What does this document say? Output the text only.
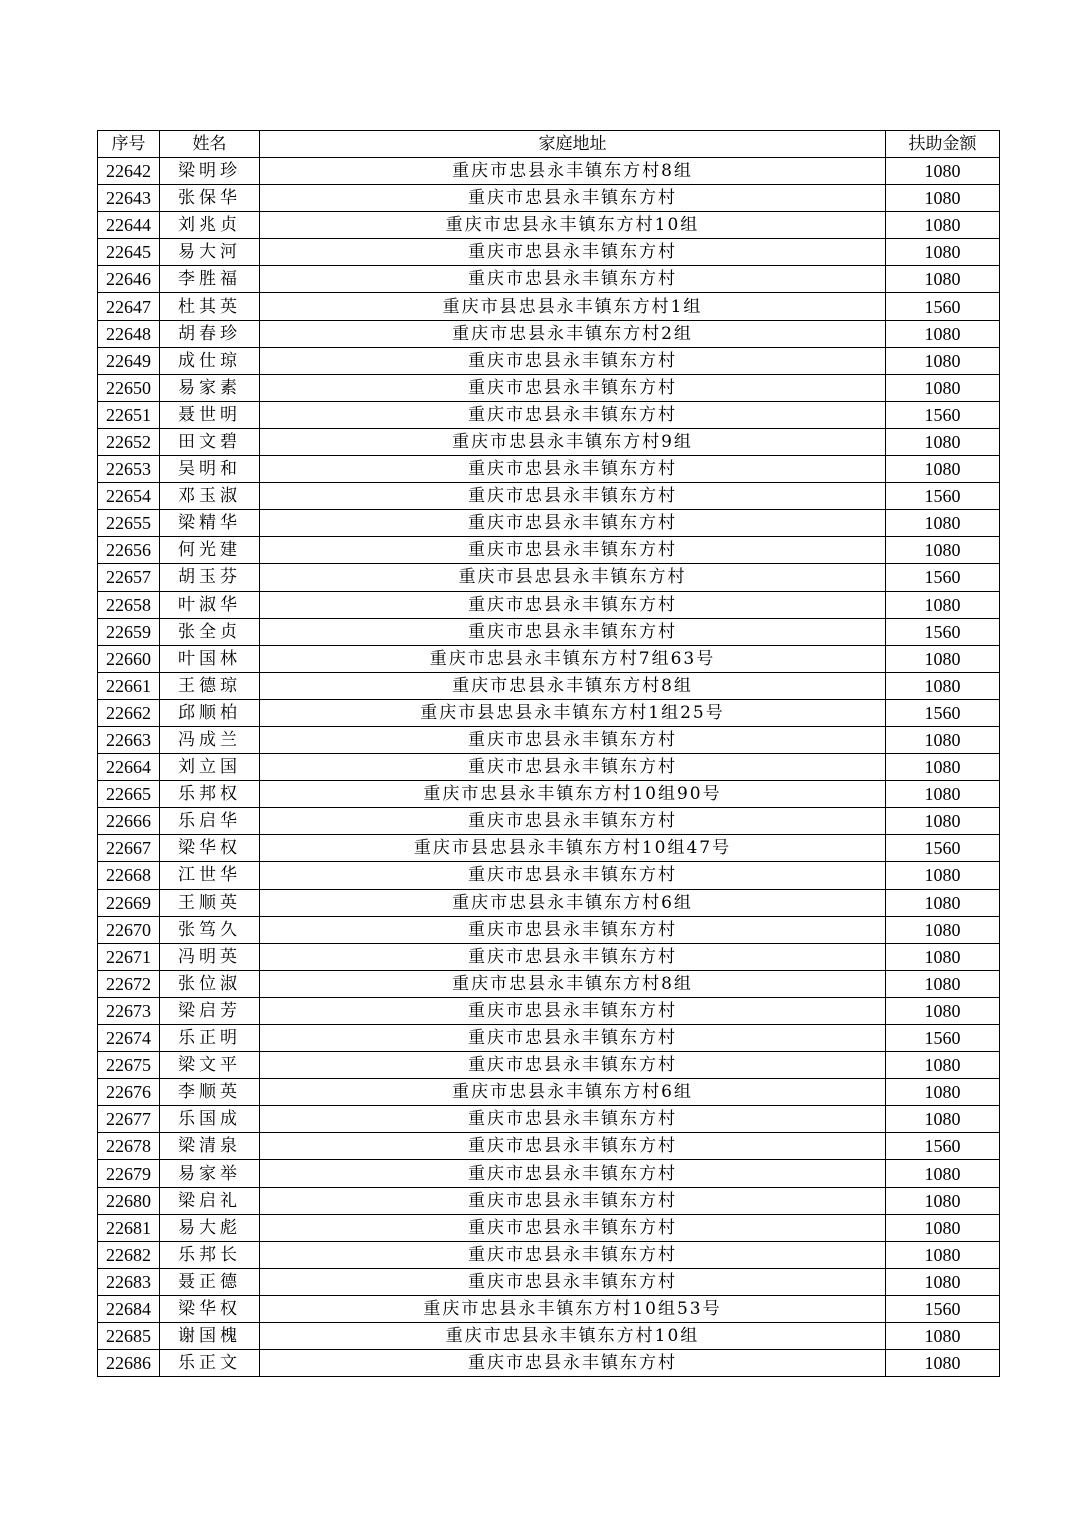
序号	姓名	家庭地址	扶助金额
22642	梁明珍	重庆市忠县永丰镇东方村8组	1080
22643	张保华	重庆市忠县永丰镇东方村	1080
22644	刘兆贞	重庆市忠县永丰镇东方村10组	1080
22645	易大河	重庆市忠县永丰镇东方村	1080
22646	李胜福	重庆市忠县永丰镇东方村	1080
22647	杜其英	重庆市县忠县永丰镇东方村1组	1560
22648	胡春珍	重庆市忠县永丰镇东方村2组	1080
22649	成仕琼	重庆市忠县永丰镇东方村	1080
22650	易家素	重庆市忠县永丰镇东方村	1080
22651	聂世明	重庆市忠县永丰镇东方村	1560
22652	田文碧	重庆市忠县永丰镇东方村9组	1080
22653	吴明和	重庆市忠县永丰镇东方村	1080
22654	邓玉淑	重庆市忠县永丰镇东方村	1560
22655	梁精华	重庆市忠县永丰镇东方村	1080
22656	何光建	重庆市忠县永丰镇东方村	1080
22657	胡玉芬	重庆市县忠县永丰镇东方村	1560
22658	叶淑华	重庆市忠县永丰镇东方村	1080
22659	张全贞	重庆市忠县永丰镇东方村	1560
22660	叶国林	重庆市忠县永丰镇东方村7组63号	1080
22661	王德琼	重庆市忠县永丰镇东方村8组	1080
22662	邱顺柏	重庆市县忠县永丰镇东方村1组25号	1560
22663	冯成兰	重庆市忠县永丰镇东方村	1080
22664	刘立国	重庆市忠县永丰镇东方村	1080
22665	乐邦权	重庆市忠县永丰镇东方村10组90号	1080
22666	乐启华	重庆市忠县永丰镇东方村	1080
22667	梁华权	重庆市县忠县永丰镇东方村10组47号	1560
22668	江世华	重庆市忠县永丰镇东方村	1080
22669	王顺英	重庆市忠县永丰镇东方村6组	1080
22670	张笃久	重庆市忠县永丰镇东方村	1080
22671	冯明英	重庆市忠县永丰镇东方村	1080
22672	张位淑	重庆市忠县永丰镇东方村8组	1080
22673	梁启芳	重庆市忠县永丰镇东方村	1080
22674	乐正明	重庆市忠县永丰镇东方村	1560
22675	梁文平	重庆市忠县永丰镇东方村	1080
22676	李顺英	重庆市忠县永丰镇东方村6组	1080
22677	乐国成	重庆市忠县永丰镇东方村	1080
22678	梁清泉	重庆市忠县永丰镇东方村	1560
22679	易家举	重庆市忠县永丰镇东方村	1080
22680	梁启礼	重庆市忠县永丰镇东方村	1080
22681	易大彪	重庆市忠县永丰镇东方村	1080
22682	乐邦长	重庆市忠县永丰镇东方村	1080
22683	聂正德	重庆市忠县永丰镇东方村	1080
22684	梁华权	重庆市忠县永丰镇东方村10组53号	1560
22685	谢国槐	重庆市忠县永丰镇东方村10组	1080
22686	乐正文	重庆市忠县永丰镇东方村	1080
